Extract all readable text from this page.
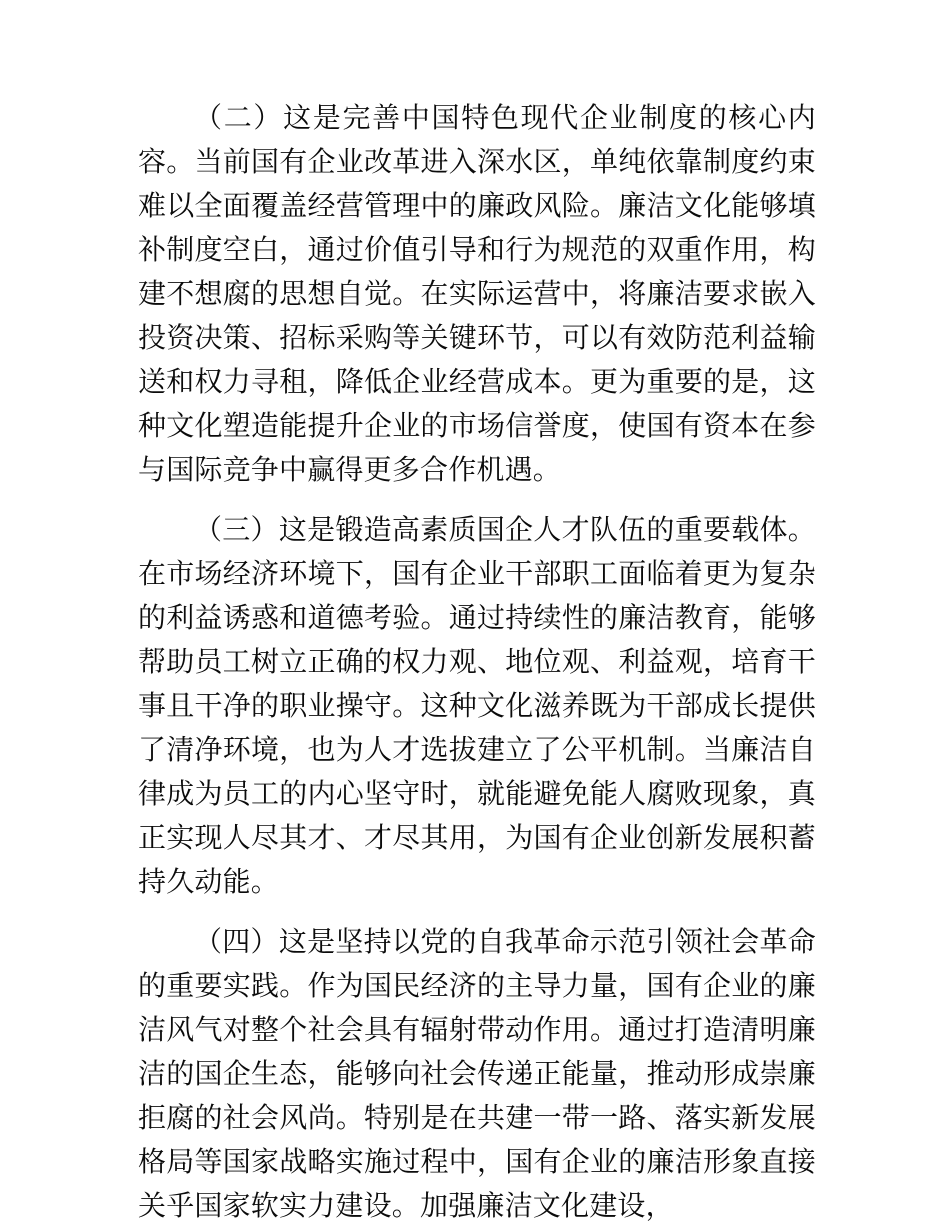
（二）这是完善中国特色现代企业制度的核心内容。当前国有企业改革进入深水区，单纯依靠制度约束难以全面覆盖经营管理中的廉政风险。廉洁文化能够填补制度空白，通过价值引导和行为规范的双重作用，构建不想腐的思想自觉。在实际运营中，将廉洁要求嵌入投资决策、招标采购等关键环节，可以有效防范利益输送和权力寻租，降低企业经营成本。更为重要的是，这种文化塑造能提升企业的市场信誉度，使国有资本在参与国际竞争中赢得更多合作机遇。

（三）这是锻造高素质国企人才队伍的重要载体。在市场经济环境下，国有企业干部职工面临着更为复杂的利益诱惑和道德考验。通过持续性的廉洁教育，能够帮助员工树立正确的权力观、地位观、利益观，培育干事且干净的职业操守。这种文化滋养既为干部成长提供了清净环境，也为人才选拔建立了公平机制。当廉洁自律成为员工的内心坚守时，就能避免能人腐败现象，真正实现人尽其才、才尽其用，为国有企业创新发展积蓄持久动能。

（四）这是坚持以党的自我革命示范引领社会革命的重要实践。作为国民经济的主导力量，国有企业的廉洁风气对整个社会具有辐射带动作用。通过打造清明廉洁的国企生态，能够向社会传递正能量，推动形成崇廉拒腐的社会风尚。特别是在共建一带一路、落实新发展格局等国家战略实施过程中，国有企业的廉洁形象直接关乎国家软实力建设。加强廉洁文化建设，
